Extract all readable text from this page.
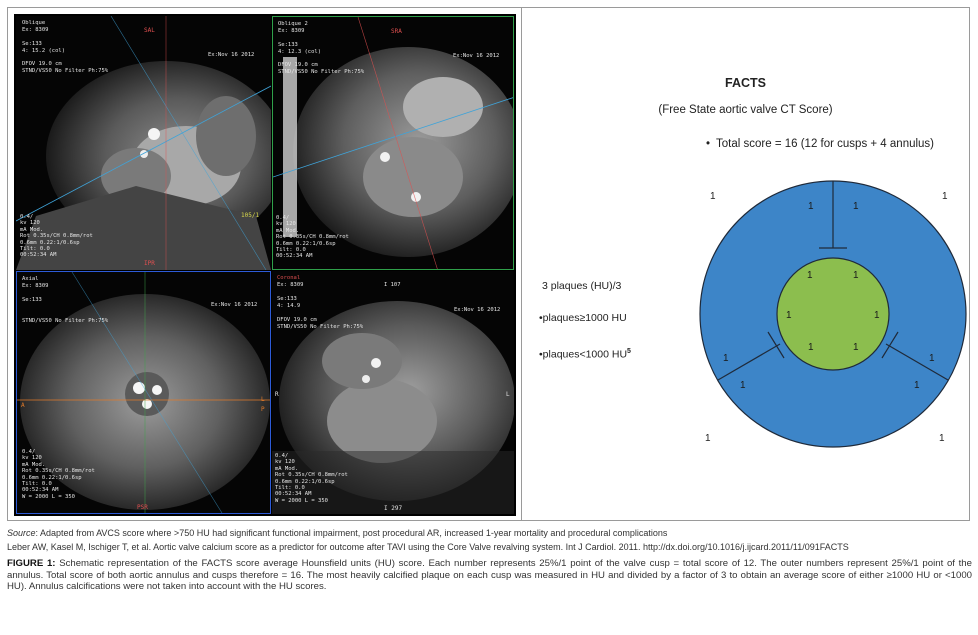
Oblique
Ex: 8309	SAL
Se:133
4: 15.2 (col)
Ex:Nov 16 2012
DFOV 19.0 cm
STND/VS50 No Filter Ph:75%
0.4/
kv 120
mA Mod.
Rot 0.35s/CH 0.8mm/rot
0.6mm 0.22:1/0.6sp
Tilt: 0.0
00:52:34 AM
105/1
IPR
Oblique 2
Ex: 8309	SRA
Se:133
4: 12.3 (col)
Ex:Nov 16 2012
DFOV 19.0 cm
STND/VS50 No Filter Ph:75%
0.4/
kv 120
mA Mod.
Rot 0.35s/CH 0.8mm/rot
0.6mm 0.22:1/0.6sp
Tilt: 0.0
00:52:34 AM
Axial
Ex: 8309
Se:133
Ex:Nov 16 2012
STND/VS50 No Filter Ph:75%
0.4/
kv 120
mA Mod.
Rot 0.35s/CH 0.8mm/rot
0.6mm 0.22:1/0.6sp
Tilt: 0.0
00:52:34 AM
W = 2000 L = 350
A
L
P
PSR
Coronal
Ex: 8309	I 107
Se:133
4: 14.9
Ex:Nov 16 2012
DFOV 19.0 cm
STND/VS50 No Filter Ph:75%
0.4/
kv 120
mA Mod.
Rot 0.35s/CH 0.8mm/rot
0.6mm 0.22:1/0.6sp
Tilt: 0.0
00:52:34 AM
W = 2000 L = 350
R	L
I 297
FACTS
(Free State aortic valve CT Score)
• Total score = 16 (12 for cusps + 4 annulus)
3 plaques (HU)/3
•plaques≥1000 HU
•plaques<1000 $HU^5$
1	1
1	1
1	1
1
1
1
1
1	1
1	1
1	1

Source: Adapted from AVCS score where >750 HU had significant functional impairment, post procedural AR, increased 1-year mortality and procedural complications

Leber AW, Kasel M, Ischiger T, et al. Aortic valve calcium score as a predictor for outcome after TAVI using the Core Valve revalving system. Int J Cardiol. 2011. http://dx.doi.org/10.1016/j.ijcard.2011/11/091FACTS

FIGURE 1: Schematic representation of the FACTS score average Hounsfield units (HU) score. Each number represents 25%/1 point of the valve cusp = total score of 12. The outer numbers represent 25%/1 point of the annulus. Total score of both aortic annulus and cusps therefore = 16. The most heavily calcified plaque on each cusp was measured in HU and divided by a factor of 3 to obtain an average score of either ≥1000 HU or <1000 HU). Annulus calcifications were not taken into account with the HU scores.
